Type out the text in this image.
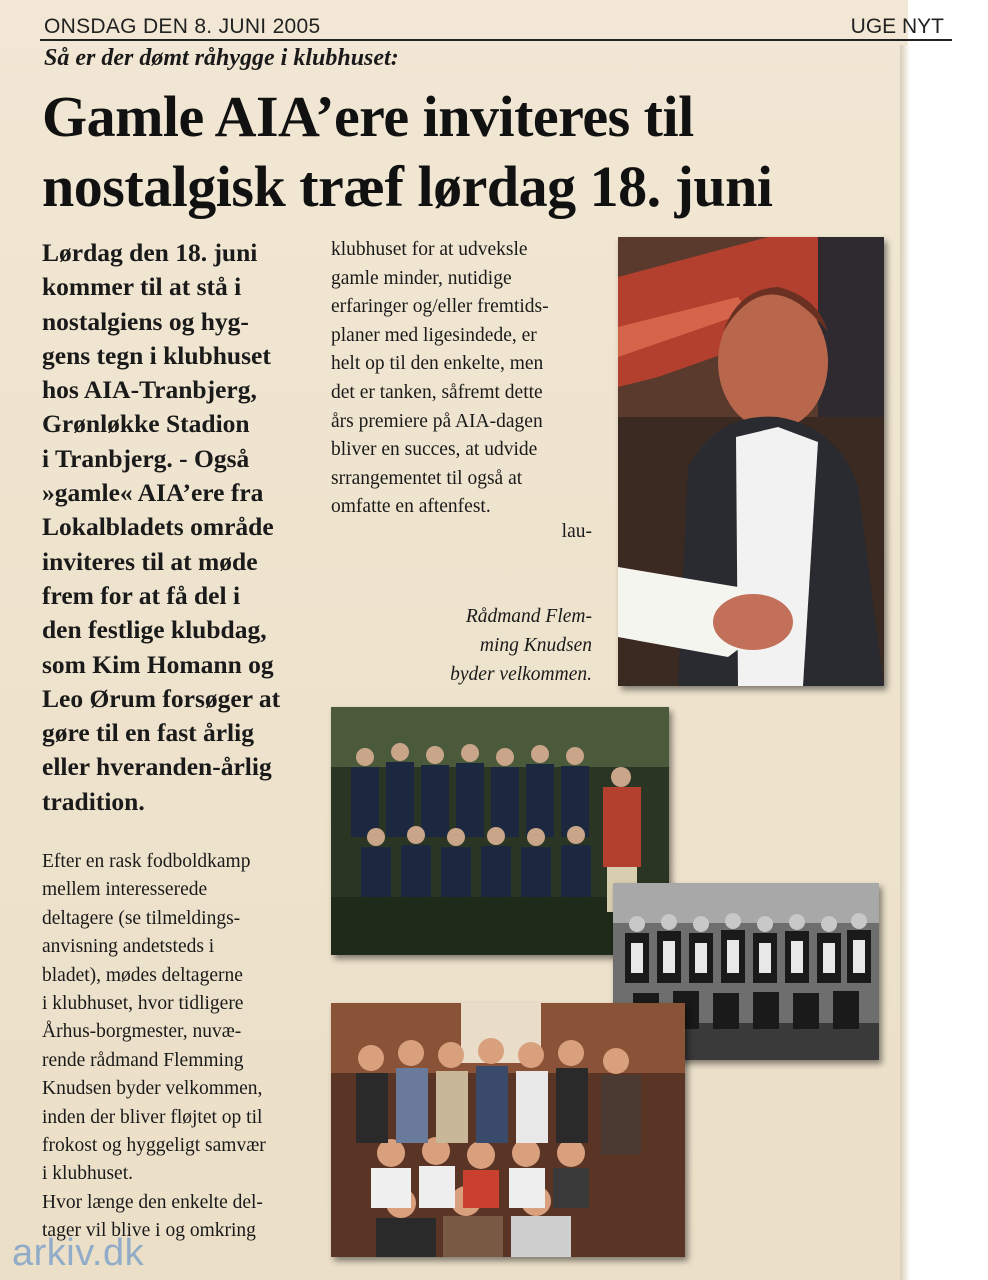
ONSDAG DEN 8. JUNI 2005	UGE NYT
Så er der dømt råhygge i klubhuset:
Gamle AIA’ere inviteres til
nostalgisk træf lørdag 18. juni
Lørdag den 18. juni
kommer til at stå i
nostalgiens og hyg-
gens tegn i klubhuset
hos AIA-Tranbjerg,
Grønløkke Stadion
i Tranbjerg. - Også
»gamle« AIA’ere fra
Lokalbladets område
inviteres til at møde
frem for at få del i
den festlige klubdag,
som Kim Homann og
Leo Ørum forsøger at
gøre til en fast årlig
eller hveranden-årlig
tradition.
Efter en rask fodboldkamp
mellem interesserede
deltagere (se tilmeldings-
anvisning andetsteds i
bladet), mødes deltagerne
i klubhuset, hvor tidligere
Århus-borgmester, nuvæ-
rende rådmand Flemming
Knudsen byder velkommen,
inden der bliver fløjtet op til
frokost og hyggeligt samvær
i klubhuset.
Hvor længe den enkelte del-
tager vil blive i og omkring
klubhuset for at udveksle
gamle minder, nutidige
erfaringer og/eller fremtids-
planer med ligesindede, er
helt op til den enkelte, men
det er tanken, såfremt dette
års premiere på AIA-dagen
bliver en succes, at udvide
srrangementet til også at
omfatte en aftenfest.
lau-
Rådmand Flem-
ming Knudsen
byder velkommen.
arkiv.dk
